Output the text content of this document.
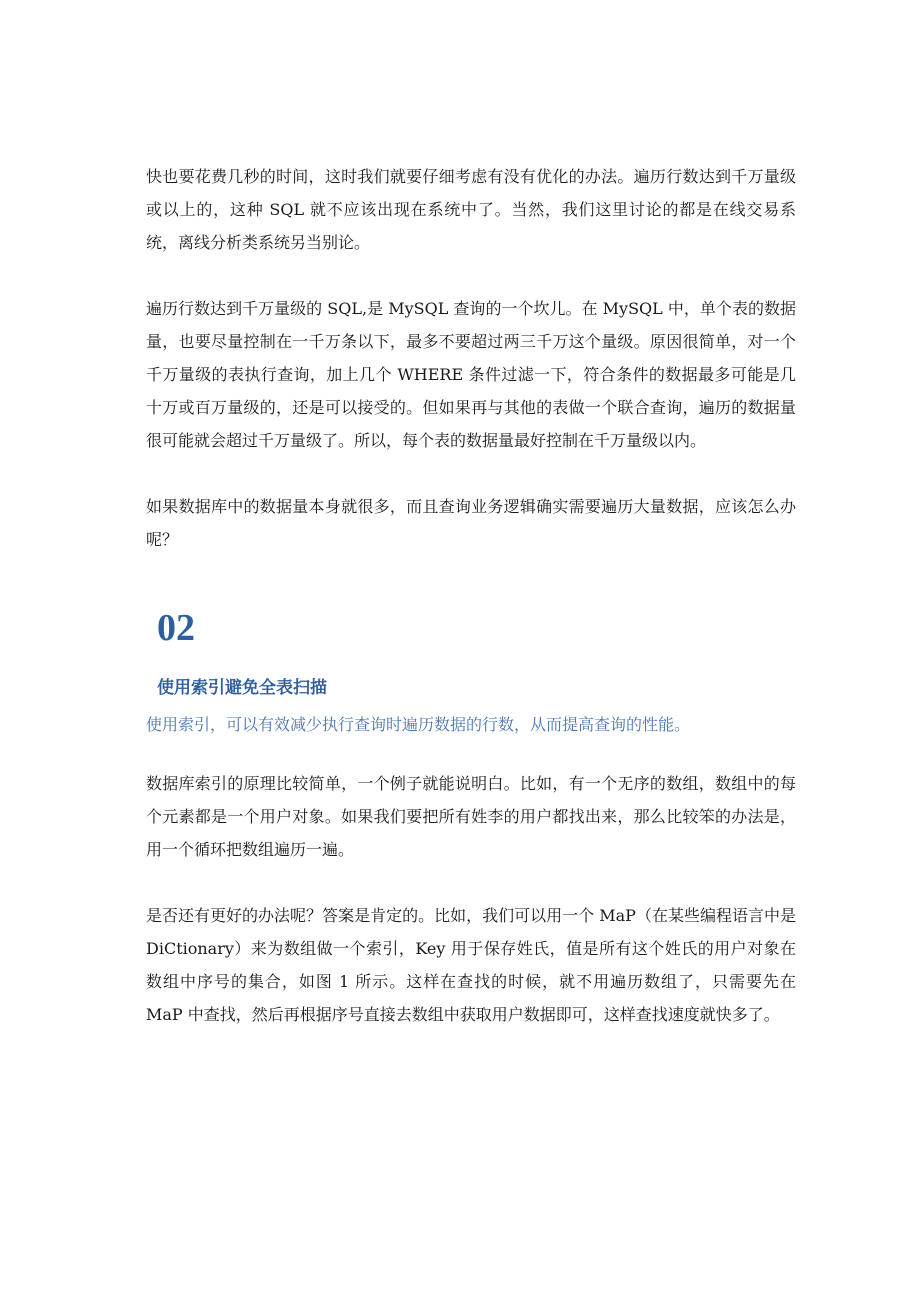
快也要花费几秒的时间，这时我们就要仔细考虑有没有优化的办法。遍历行数达到千万量级或以上的，这种 SQL 就不应该出现在系统中了。当然，我们这里讨论的都是在线交易系统，离线分析类系统另当别论。

遍历行数达到千万量级的 SQL,是 MySQL 查询的一个坎儿。在 MySQL 中，单个表的数据量，也要尽量控制在一千万条以下，最多不要超过两三千万这个量级。原因很简单，对一个千万量级的表执行查询，加上几个 WHERE 条件过滤一下，符合条件的数据最多可能是几十万或百万量级的，还是可以接受的。但如果再与其他的表做一个联合查询，遍历的数据量很可能就会超过千万量级了。所以，每个表的数据量最好控制在千万量级以内。

如果数据库中的数据量本身就很多，而且查询业务逻辑确实需要遍历大量数据，应该怎么办呢？

02
使用索引避免全表扫描

使用索引，可以有效减少执行查询时遍历数据的行数，从而提高查询的性能。

数据库索引的原理比较简单，一个例子就能说明白。比如，有一个无序的数组，数组中的每个元素都是一个用户对象。如果我们要把所有姓李的用户都找出来，那么比较笨的办法是，用一个循环把数组遍历一遍。

是否还有更好的办法呢？答案是肯定的。比如，我们可以用一个 MaP（在某些编程语言中是 DiCtionary）来为数组做一个索引，Key 用于保存姓氏，值是所有这个姓氏的用户对象在数组中序号的集合，如图 1 所示。这样在查找的时候，就不用遍历数组了，只需要先在 MaP 中查找，然后再根据序号直接去数组中获取用户数据即可，这样查找速度就快多了。
